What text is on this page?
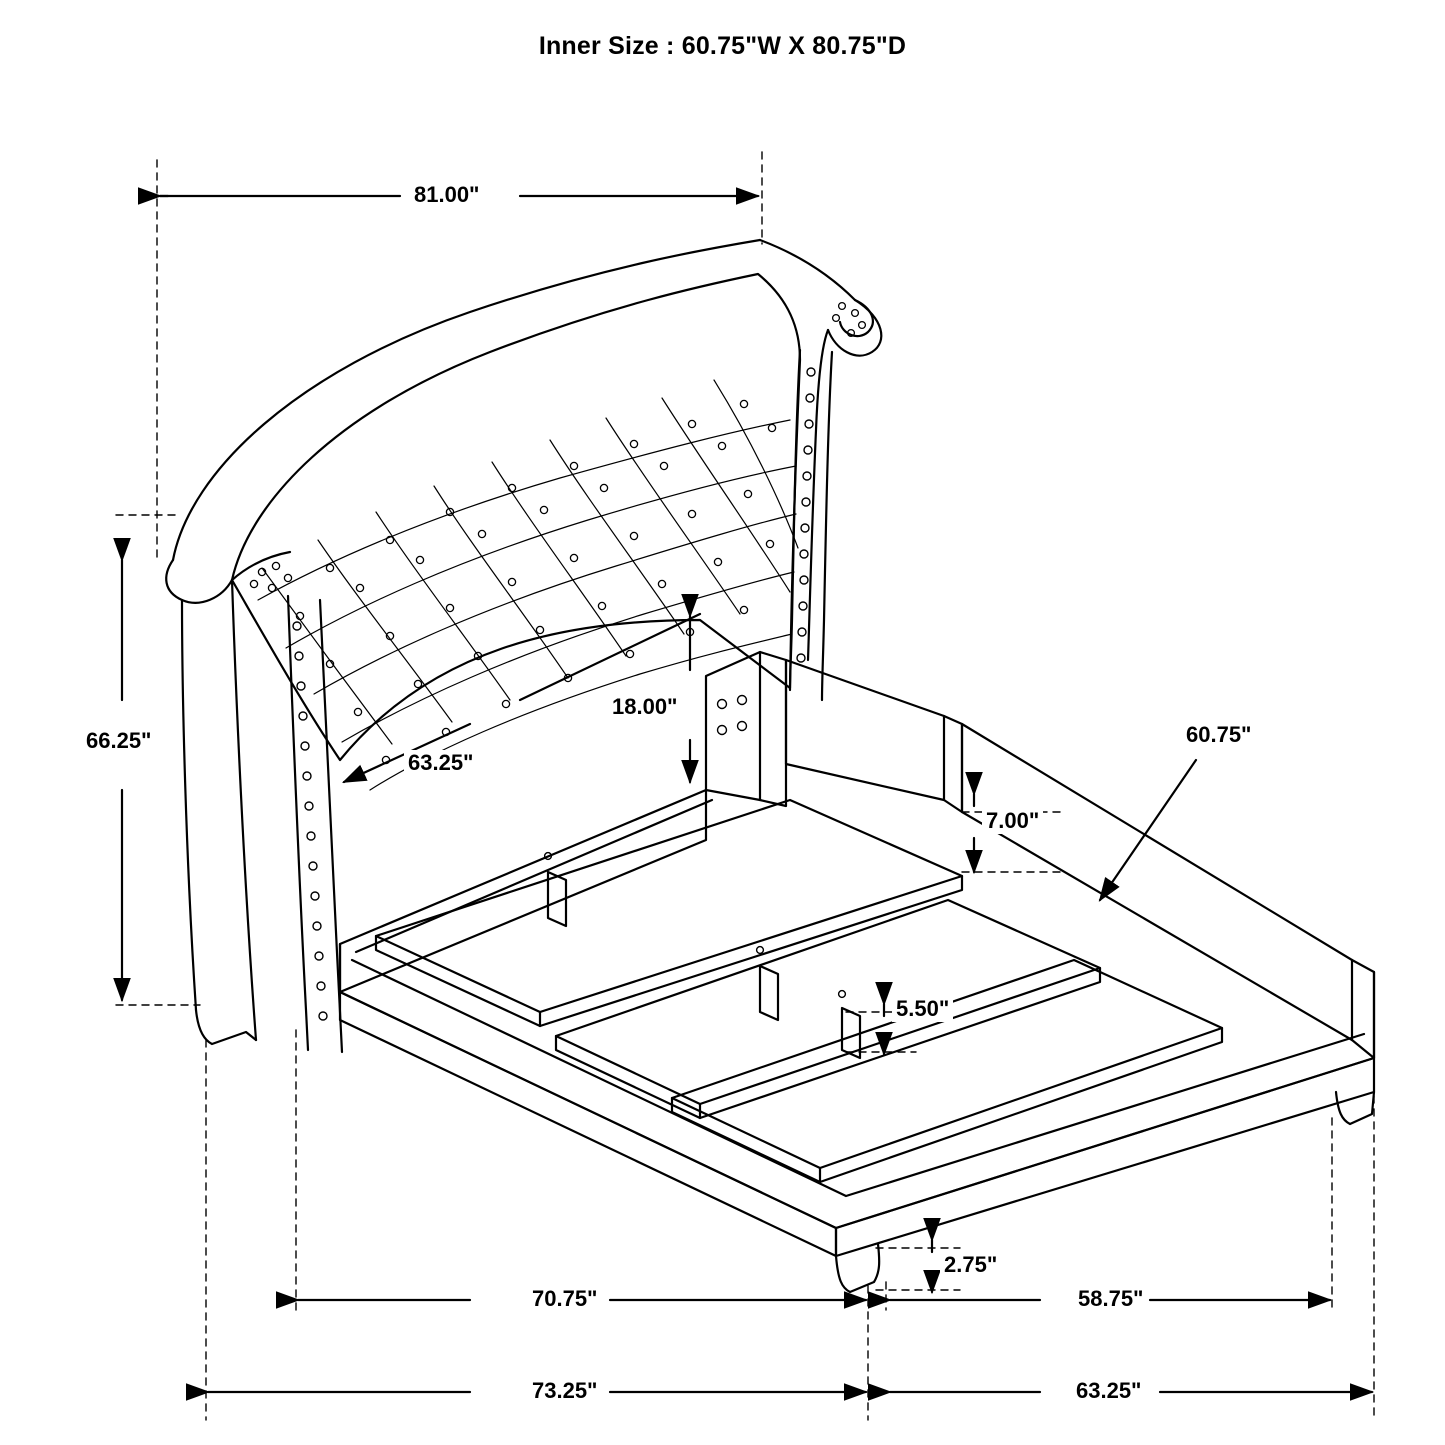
Inner Size : 60.75"W X 80.75"D
81.00"
66.25"
63.25"
18.00"
7.00"
60.75"
5.50"
2.75"
70.75"	58.75"
73.25"	63.25"
